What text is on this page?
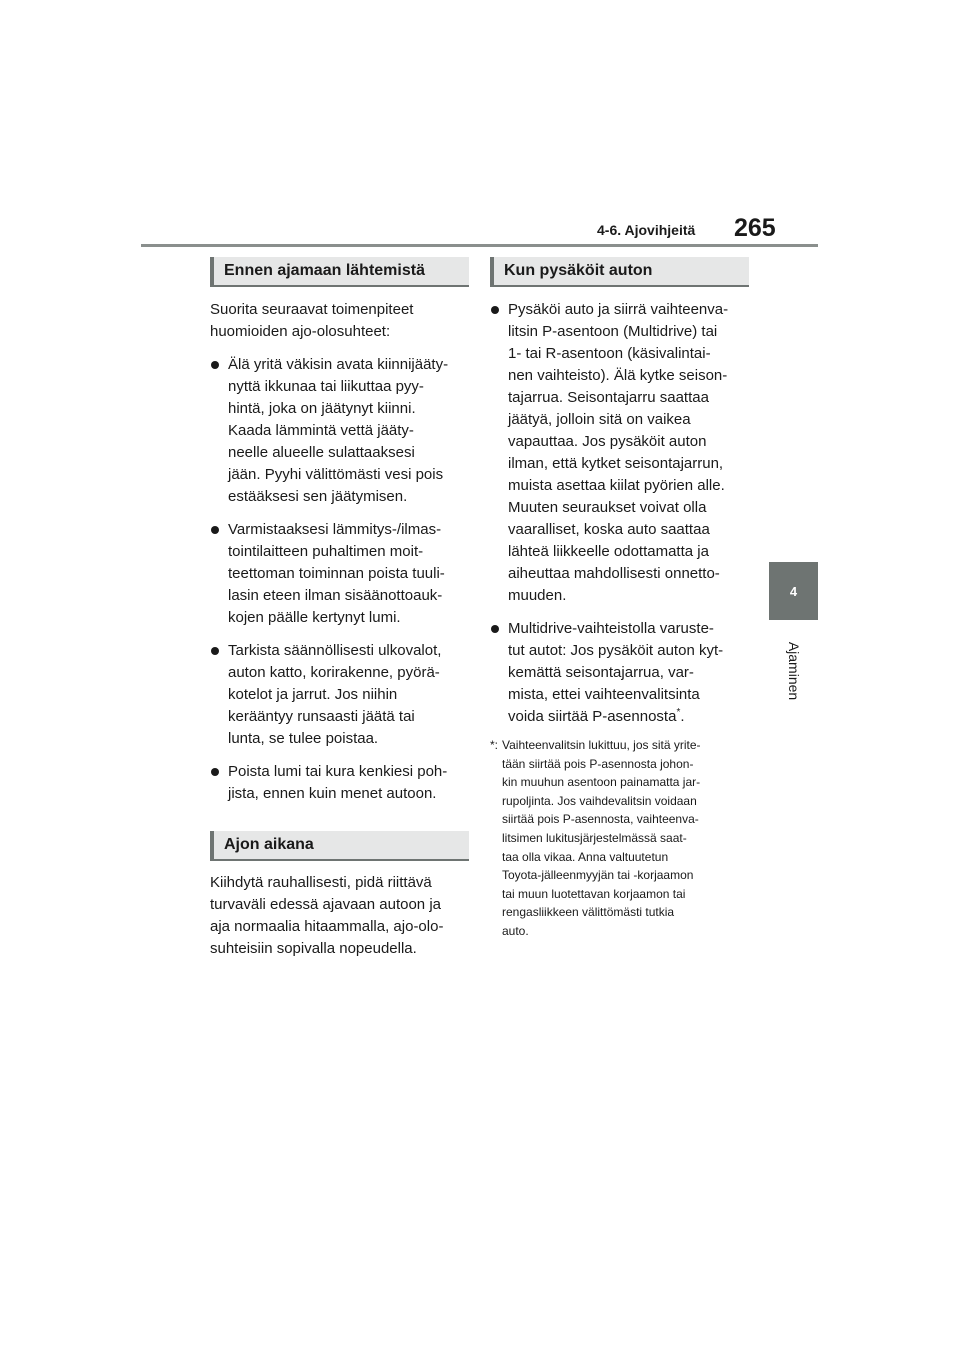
4-6. Ajovihjeitä 265
4
Ajaminen
Ennen ajamaan lähtemistä

Suorita seuraavat toimenpiteet
huomioiden ajo-olosuhteet:

Älä yritä väkisin avata kiinnijääty-
nyttä ikkunaa tai liikuttaa pyy-
hintä, joka on jäätynyt kiinni.
Kaada lämmintä vettä jääty-
neelle alueelle sulattaaksesi
jään. Pyyhi välittömästi vesi pois
estääksesi sen jäätymisen.
Varmistaaksesi lämmitys-/ilmas-
tointilaitteen puhaltimen moit-
teettoman toiminnan poista tuuli-
lasin eteen ilman sisäänottoauk-
kojen päälle kertynyt lumi.
Tarkista säännöllisesti ulkovalot,
auton katto, korirakenne, pyörä-
kotelot ja jarrut. Jos niihin
kerääntyy runsaasti jäätä tai
lunta, se tulee poistaa.
Poista lumi tai kura kenkiesi poh-
jista, ennen kuin menet autoon.
Ajon aikana

Kiihdytä rauhallisesti, pidä riittävä
turvaväli edessä ajavaan autoon ja
aja normaalia hitaammalla, ajo-olo-
suhteisiin sopivalla nopeudella.

Kun pysäköit auton
Pysäköi auto ja siirrä vaihteenva-
litsin P-asentoon (Multidrive) tai
1- tai R-asentoon (käsivalintai-
nen vaihteisto). Älä kytke seison-
tajarrua. Seisontajarru saattaa
jäätyä, jolloin sitä on vaikea
vapauttaa. Jos pysäköit auton
ilman, että kytket seisontajarrun,
muista asettaa kiilat pyörien alle.
Muuten seuraukset voivat olla
vaaralliset, koska auto saattaa
lähteä liikkeelle odottamatta ja
aiheuttaa mahdollisesti onnetto-
muuden.
Multidrive-vaihteistolla varuste-
tut autot: Jos pysäköit auton kyt-
kemättä seisontajarrua, var-
mista, ettei vaihteenvalitsinta
voida siirtää P-asennosta*.
*: Vaihteenvalitsin lukittuu, jos sitä yrite-
tään siirtää pois P-asennosta johon-
kin muuhun asentoon painamatta jar-
rupoljinta. Jos vaihdevalitsin voidaan
siirtää pois P-asennosta, vaihteenva-
litsimen lukitusjärjestelmässä saat-
taa olla vikaa. Anna valtuutetun
Toyota-jälleenmyyjän tai -korjaamon
tai muun luotettavan korjaamon tai
rengasliikkeen välittömästi tutkia
auto.
